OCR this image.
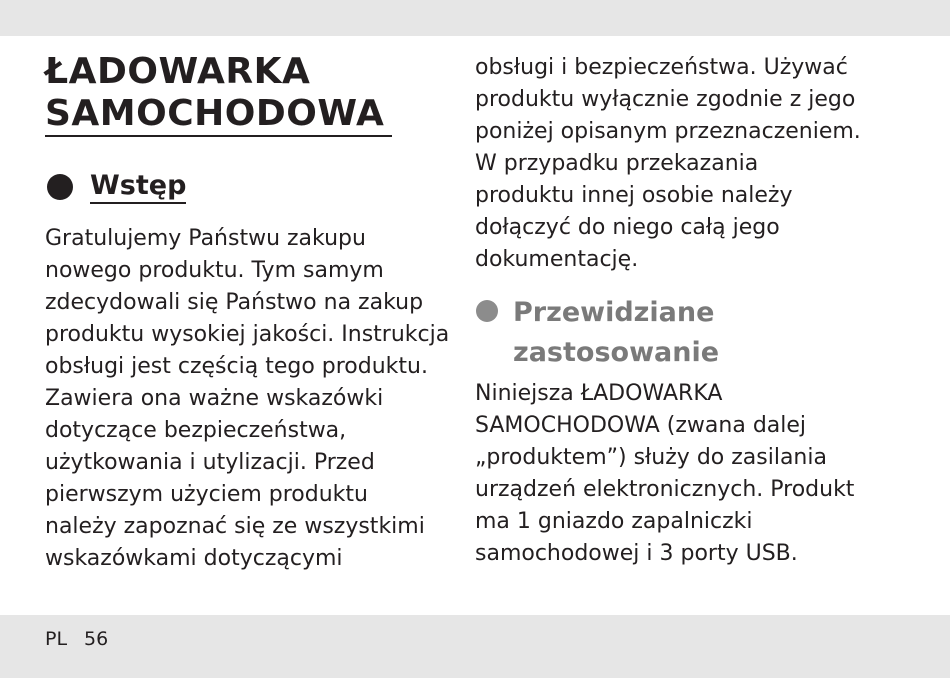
ŁADOWARKA
SAMOCHODOWA
Wstęp

Gratulujemy Państwu zakupu
nowego produktu. Tym samym
zdecydowali się Państwo na zakup
produktu wysokiej jakości. Instrukcja
obsługi jest częścią tego produktu.
Zawiera ona ważne wskazówki
dotyczące bezpieczeństwa,
użytkowania i utylizacji. Przed
pierwszym użyciem produktu
należy zapoznać się ze wszystkimi
wskazówkami dotyczącymi

obsługi i bezpieczeństwa. Używać
produktu wyłącznie zgodnie z jego
poniżej opisanym przeznaczeniem.
W przypadku przekazania
produktu innej osobie należy
dołączyć do niego całą jego
dokumentację.

Przewidziane
zastosowanie

Niniejsza ŁADOWARKA
SAMOCHODOWA (zwana dalej
„produktem”) służy do zasilania
urządzeń elektronicznych. Produkt
ma 1 gniazdo zapalniczki
samochodowej i 3 porty USB.

PL 56
